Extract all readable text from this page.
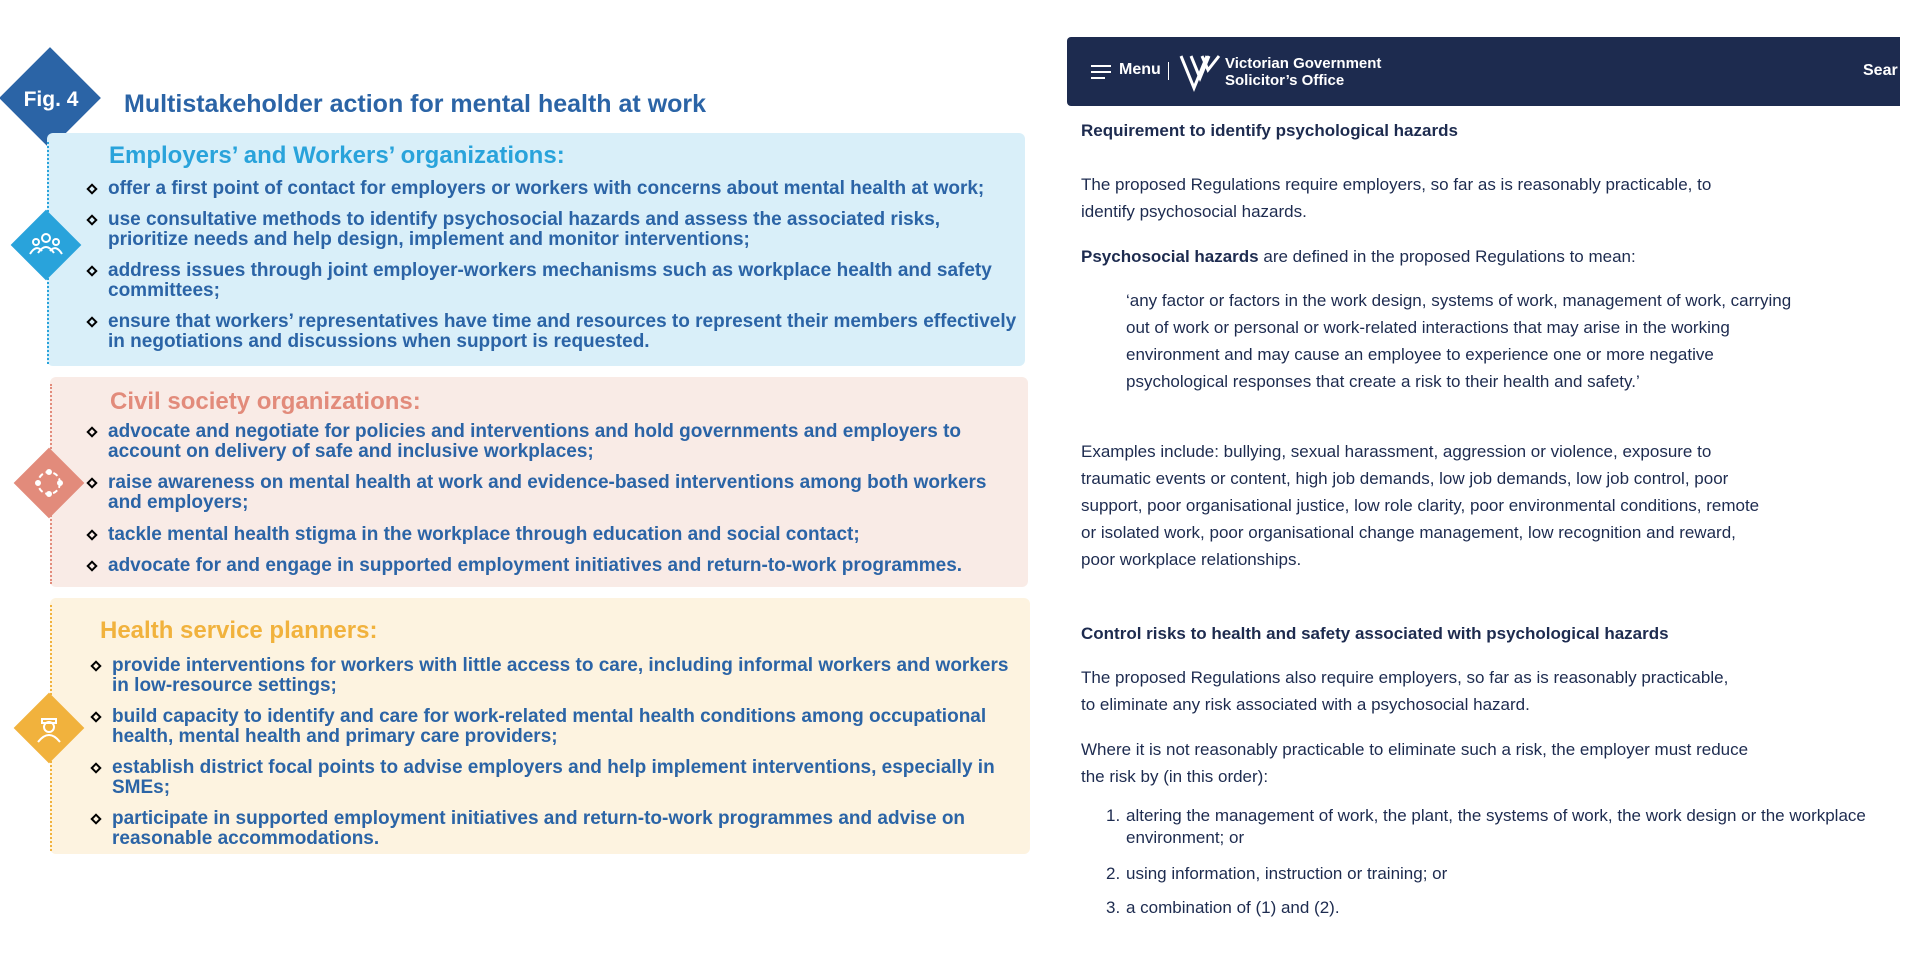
Fig. 4	Multistakeholder action for mental health at work
Employers’ and Workers’ organizations:
offer a first point of contact for employers or workers with concerns about mental health at work;
use consultative methods to identify psychosocial hazards and assess the associated risks, prioritize needs and help design, implement and monitor interventions;
address issues through joint employer-workers mechanisms such as workplace health and safety committees;
ensure that workers’ representatives have time and resources to represent their members effectively in negotiations and discussions when support is requested.
Civil society organizations:
advocate and negotiate for policies and interventions and hold governments and employers to account on delivery of safe and inclusive workplaces;
raise awareness on mental health at work and evidence-based interventions among both workers and employers;
tackle mental health stigma in the workplace through education and social contact;
advocate for and engage in supported employment initiatives and return-to-work programmes.
Health service planners:
provide interventions for workers with little access to care, including informal workers and workers in low-resource settings;
build capacity to identify and care for work-related mental health conditions among occupational health, mental health and primary care providers;
establish district focal points to advise employers and help implement interventions, especially in SMEs;
participate in supported employment initiatives and return-to-work programmes and advise on reasonable accommodations.
Menu	Victorian Government
Solicitor’s Office
Sear
Requirement to identify psychological hazards
The proposed Regulations require employers, so far as is reasonably practicable, to identify psychosocial hazards.
Psychosocial hazards are defined in the proposed Regulations to mean:
‘any factor or factors in the work design, systems of work, management of work, carrying out of work or personal or work-related interactions that may arise in the working environment and may cause an employee to experience one or more negative psychological responses that create a risk to their health and safety.’
Examples include: bullying, sexual harassment, aggression or violence, exposure to traumatic events or content, high job demands, low job demands, low job control, poor support, poor organisational justice, low role clarity, poor environmental conditions, remote or isolated work, poor organisational change management, low recognition and reward, poor workplace relationships.
Control risks to health and safety associated with psychological hazards
The proposed Regulations also require employers, so far as is reasonably practicable, to eliminate any risk associated with a psychosocial hazard.
Where it is not reasonably practicable to eliminate such a risk, the employer must reduce the risk by (in this order):
1. altering the management of work, the plant, the systems of work, the work design or the workplace environment; or
2. using information, instruction or training; or
3. a combination of (1) and (2).
